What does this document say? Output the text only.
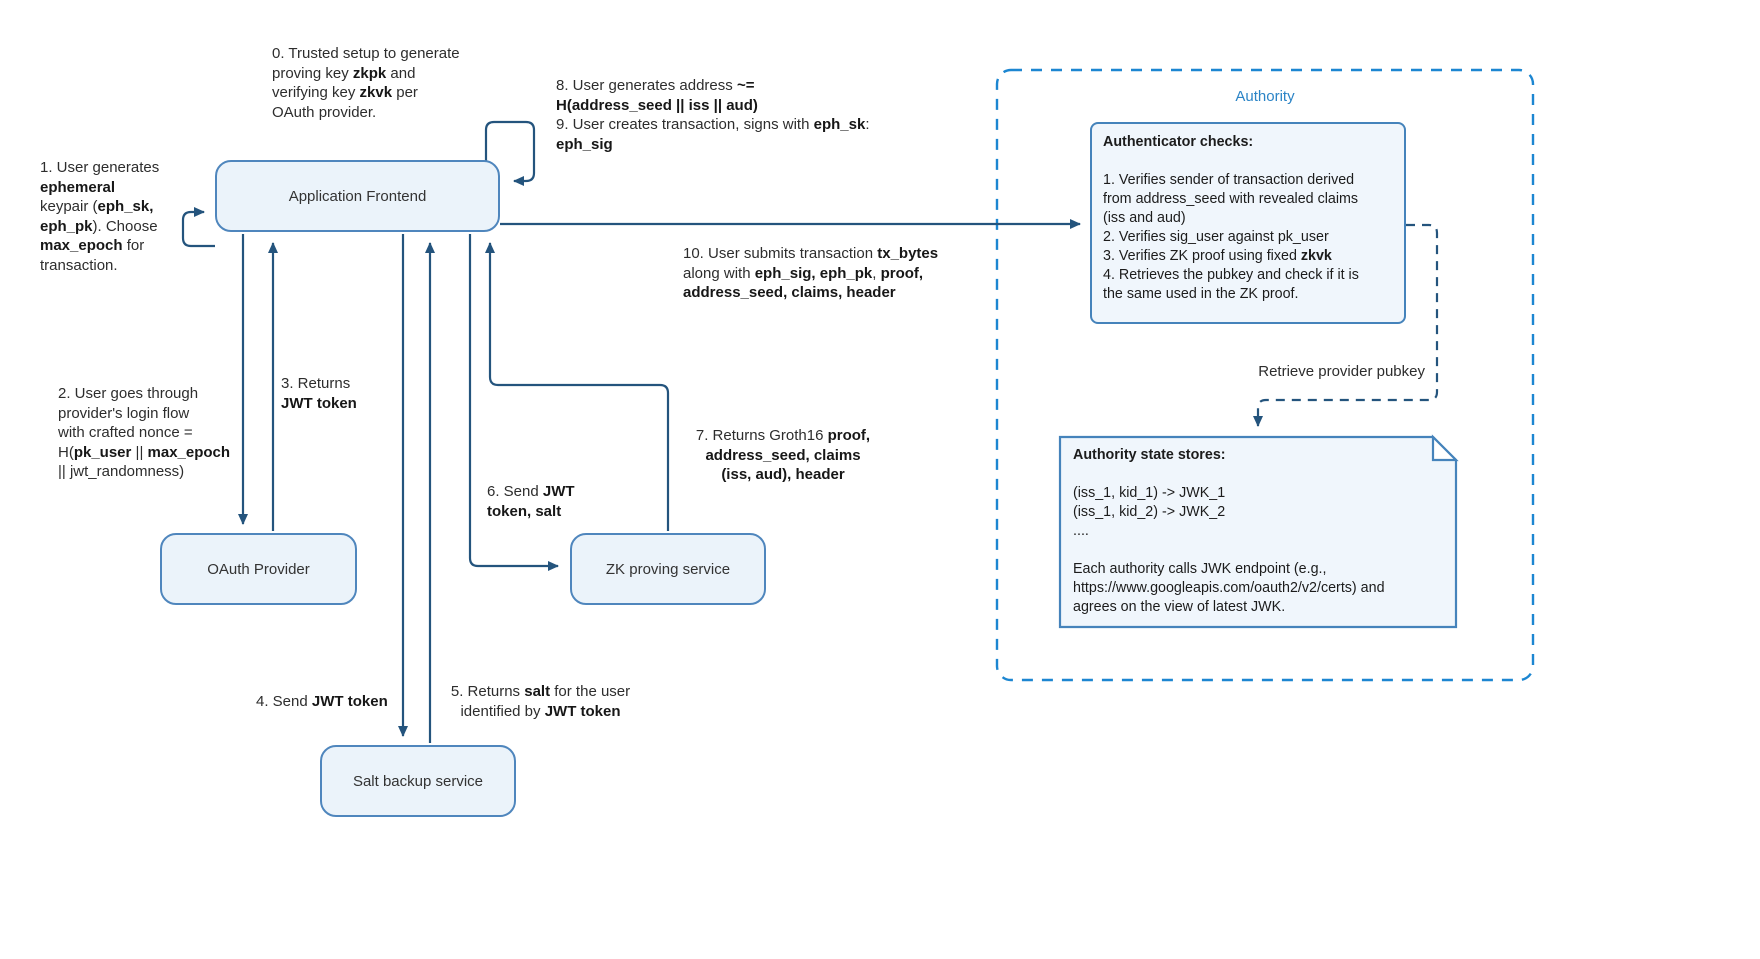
Application Frontend
OAuth Provider	ZK proving service
Salt backup service
Authority
Authenticator checks:

1. Verifies sender of transaction derived
from address_seed with revealed claims
(iss and aud)
2. Verifies sig_user against pk_user
3. Verifies ZK proof using fixed zkvk
4. Retrieves the pubkey and check if it is
the same used in the ZK proof.
Authority state stores:

(iss_1, kid_1) -> JWK_1
(iss_1, kid_2) -> JWK_2
....

Each authority calls JWK endpoint (e.g.,
https://www.googleapis.com/oauth2/v2/certs) and
agrees on the view of latest JWK.
0. Trusted setup to generate
proving key zkpk and
verifying key zkvk per
OAuth provider.
1. User generates
ephemeral
keypair (eph_sk,
eph_pk). Choose
max_epoch for
transaction.
8. User generates address ~=
H(address_seed || iss || aud)
9. User creates transaction, signs with eph_sk:
eph_sig
10. User submits transaction tx_bytes
along with eph_sig, eph_pk, proof,
address_seed, claims, header
2. User goes through
provider's login flow
with crafted nonce =
H(pk_user || max_epoch
|| jwt_randomness)
3. Returns
JWT token
4. Send JWT token
5. Returns salt for the user
identified by JWT token
6. Send JWT
token, salt
7. Returns Groth16 proof,
address_seed, claims
(iss, aud), header
Retrieve provider pubkey
